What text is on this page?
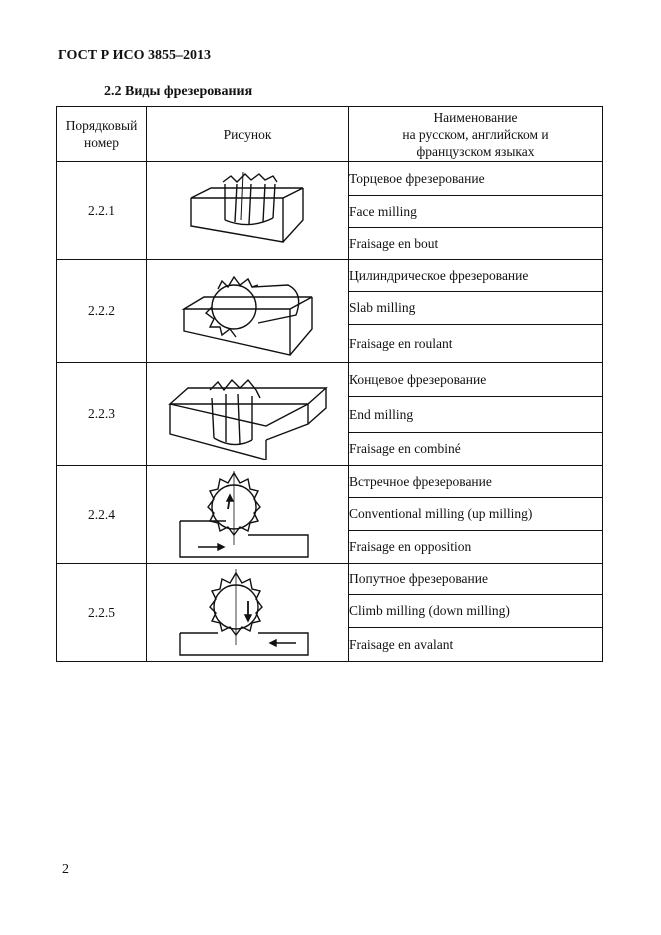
ГОСТ Р ИСО 3855–2013
2.2 Виды фрезерования
Порядковый
номер	Рисунок	Наименование
на русском, английском и
французском языках
2.2.1		Торцевое фрезерование
		Face milling
		Fraisage en bout
2.2.2		Цилиндрическое фрезерование
		Slab milling
		Fraisage en roulant
2.2.3		Концевое фрезерование
		End milling
		Fraisage en combiné
2.2.4		Встречное фрезерование
		Conventional milling (up milling)
		Fraisage en opposition
2.2.5		Попутное фрезерование
		Climb milling (down milling)
		Fraisage en avalant
2
